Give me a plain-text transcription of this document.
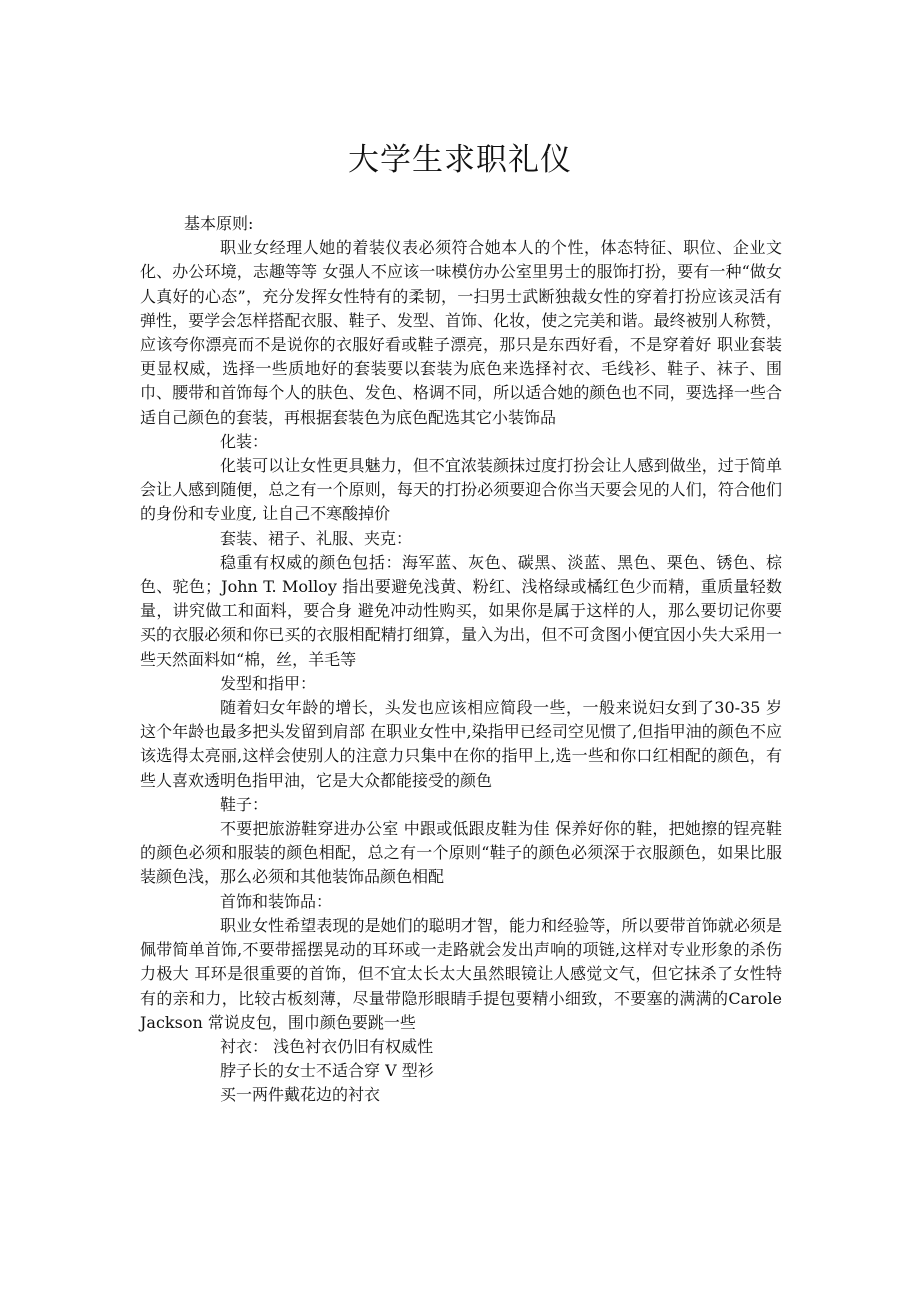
大学生求职礼仪

基本原则:

职业女经理人她的着装仪表必须符合她本人的个性，体态特征、职位、企业文化、办公环境，志趣等等 女强人不应该一味模仿办公室里男士的服饰打扮，要有一种“做女人真好的心态”，充分发挥女性特有的柔韧，一扫男士武断独裁女性的穿着打扮应该灵活有弹性，要学会怎样搭配衣服、鞋子、发型、首饰、化妆，使之完美和谐。最终被别人称赞，应该夸你漂亮而不是说你的衣服好看或鞋子漂亮，那只是东西好看，不是穿着好 职业套装更显权威，选择一些质地好的套装要以套装为底色来选择衬衣、毛线衫、鞋子、袜子、围巾、腰带和首饰每个人的肤色、发色、格调不同，所以适合她的颜色也不同，要选择一些合适自己颜色的套装，再根据套装色为底色配选其它小装饰品

化装：

化装可以让女性更具魅力，但不宜浓装颜抹过度打扮会让人感到做坐，过于简单会让人感到随便，总之有一个原则，每天的打扮必须要迎合你当天要会见的人们，符合他们的身份和专业度, 让自己不寒酸掉价

套装、裙子、礼服、夹克：

稳重有权威的颜色包括：海军蓝、灰色、碳黑、淡蓝、黑色、栗色、锈色、棕色、驼色；John T. Molloy 指出要避免浅黄、粉红、浅格绿或橘红色少而精，重质量轻数量，讲究做工和面料，要合身 避免冲动性购买，如果你是属于这样的人，那么要切记你要买的衣服必须和你已买的衣服相配精打细算，量入为出，但不可贪图小便宜因小失大采用一些天然面料如“棉，丝，羊毛等

发型和指甲：

随着妇女年龄的增长，头发也应该相应简段一些，一般来说妇女到了30-35 岁这个年龄也最多把头发留到肩部 在职业女性中,染指甲已经司空见惯了,但指甲油的颜色不应该选得太亮丽,这样会使别人的注意力只集中在你的指甲上,选一些和你口红相配的颜色，有些人喜欢透明色指甲油，它是大众都能接受的颜色

鞋子：

不要把旅游鞋穿进办公室 中跟或低跟皮鞋为佳 保养好你的鞋，把她擦的锃亮鞋的颜色必须和服装的颜色相配，总之有一个原则“鞋子的颜色必须深于衣服颜色，如果比服装颜色浅，那么必须和其他装饰品颜色相配

首饰和装饰品：

职业女性希望表现的是她们的聪明才智，能力和经验等，所以要带首饰就必须是佩带简单首饰,不要带摇摆晃动的耳环或一走路就会发出声响的项链,这样对专业形象的杀伤力极大 耳环是很重要的首饰，但不宜太长太大虽然眼镜让人感觉文气，但它抹杀了女性特有的亲和力，比较古板刻薄，尽量带隐形眼睛手提包要精小细致，不要塞的满满的Carole Jackson 常说皮包，围巾颜色要跳一些

衬衣： 浅色衬衣仍旧有权威性

脖子长的女士不适合穿 V 型衫

买一两件戴花边的衬衣
